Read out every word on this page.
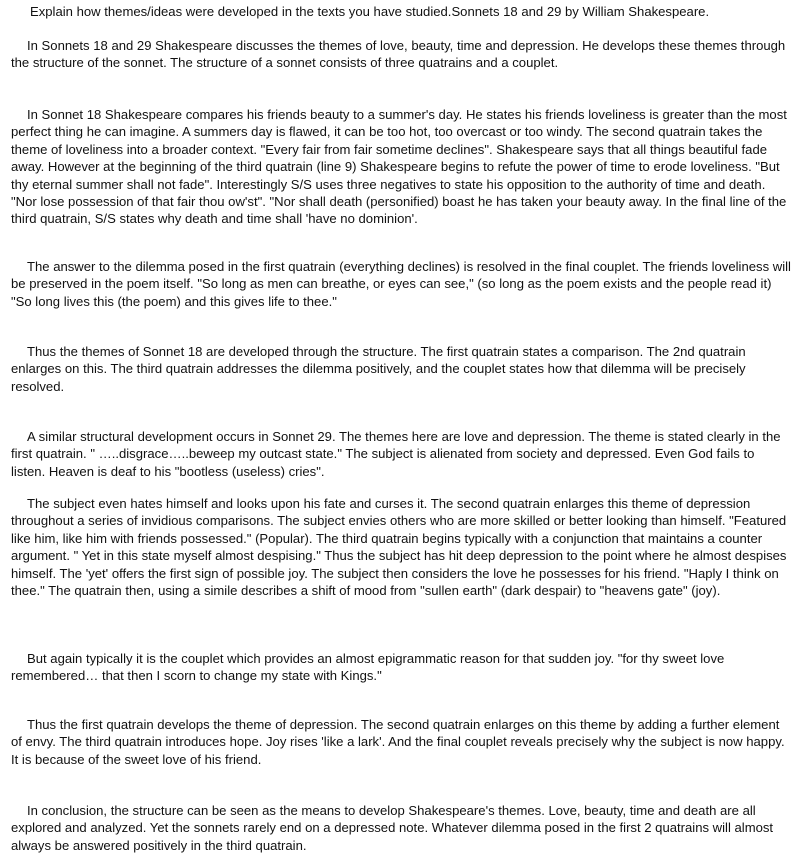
Explain how themes/ideas were developed in the texts you have studied.Sonnets 18 and 29 by William Shakespeare.

In Sonnets 18 and 29 Shakespeare discusses the themes of love, beauty, time and depression. He develops these themes through the structure of the sonnet. The structure of a sonnet consists of three quatrains and a couplet.

In Sonnet 18 Shakespeare compares his friends beauty to a summer's day. He states his friends loveliness is greater than the most perfect thing he can imagine. A summers day is flawed, it can be too hot, too overcast or too windy. The second quatrain takes the theme of loveliness into a broader context. "Every fair from fair sometime declines". Shakespeare says that all things beautiful fade away. However at the beginning of the third quatrain (line 9) Shakespeare begins to refute the power of time to erode loveliness. "But thy eternal summer shall not fade". Interestingly S/S uses three negatives to state his opposition to the authority of time and death. "Nor lose possession of that fair thou ow'st". "Nor shall death (personified) boast he has taken your beauty away. In the final line of the third quatrain, S/S states why death and time shall 'have no dominion'.

The answer to the dilemma posed in the first quatrain (everything declines) is resolved in the final couplet. The friends loveliness will be preserved in the poem itself. "So long as men can breathe, or eyes can see," (so long as the poem exists and the people read it) "So long lives this (the poem) and this gives life to thee."

Thus the themes of Sonnet 18 are developed through the structure. The first quatrain states a comparison. The 2nd quatrain enlarges on this. The third quatrain addresses the dilemma positively, and the couplet states how that dilemma will be precisely resolved.

A similar structural development occurs in Sonnet 29. The themes here are love and depression. The theme is stated clearly in the first quatrain. " …..disgrace…..beweep my outcast state." The subject is alienated from society and depressed. Even God fails to listen. Heaven is deaf to his "bootless (useless) cries".

The subject even hates himself and looks upon his fate and curses it. The second quatrain enlarges this theme of depression throughout a series of invidious comparisons. The subject envies others who are more skilled or better looking than himself. "Featured like him, like him with friends possessed." (Popular). The third quatrain begins typically with a conjunction that maintains a counter argument. " Yet in this state myself almost despising." Thus the subject has hit deep depression to the point where he almost despises himself. The 'yet' offers the first sign of possible joy. The subject then considers the love he possesses for his friend. "Haply I think on thee." The quatrain then, using a simile describes a shift of mood from "sullen earth" (dark despair) to "heavens gate" (joy).

But again typically it is the couplet which provides an almost epigrammatic reason for that sudden joy. "for thy sweet love remembered… that then I scorn to change my state with Kings."

Thus the first quatrain develops the theme of depression. The second quatrain enlarges on this theme by adding a further element of envy. The third quatrain introduces hope. Joy rises 'like a lark'. And the final couplet reveals precisely why the subject is now happy. It is because of the sweet love of his friend.

In conclusion, the structure can be seen as the means to develop Shakespeare's themes. Love, beauty, time and death are all explored and analyzed. Yet the sonnets rarely end on a depressed note. Whatever dilemma posed in the first 2 quatrains will almost always be answered positively in the third quatrain.
